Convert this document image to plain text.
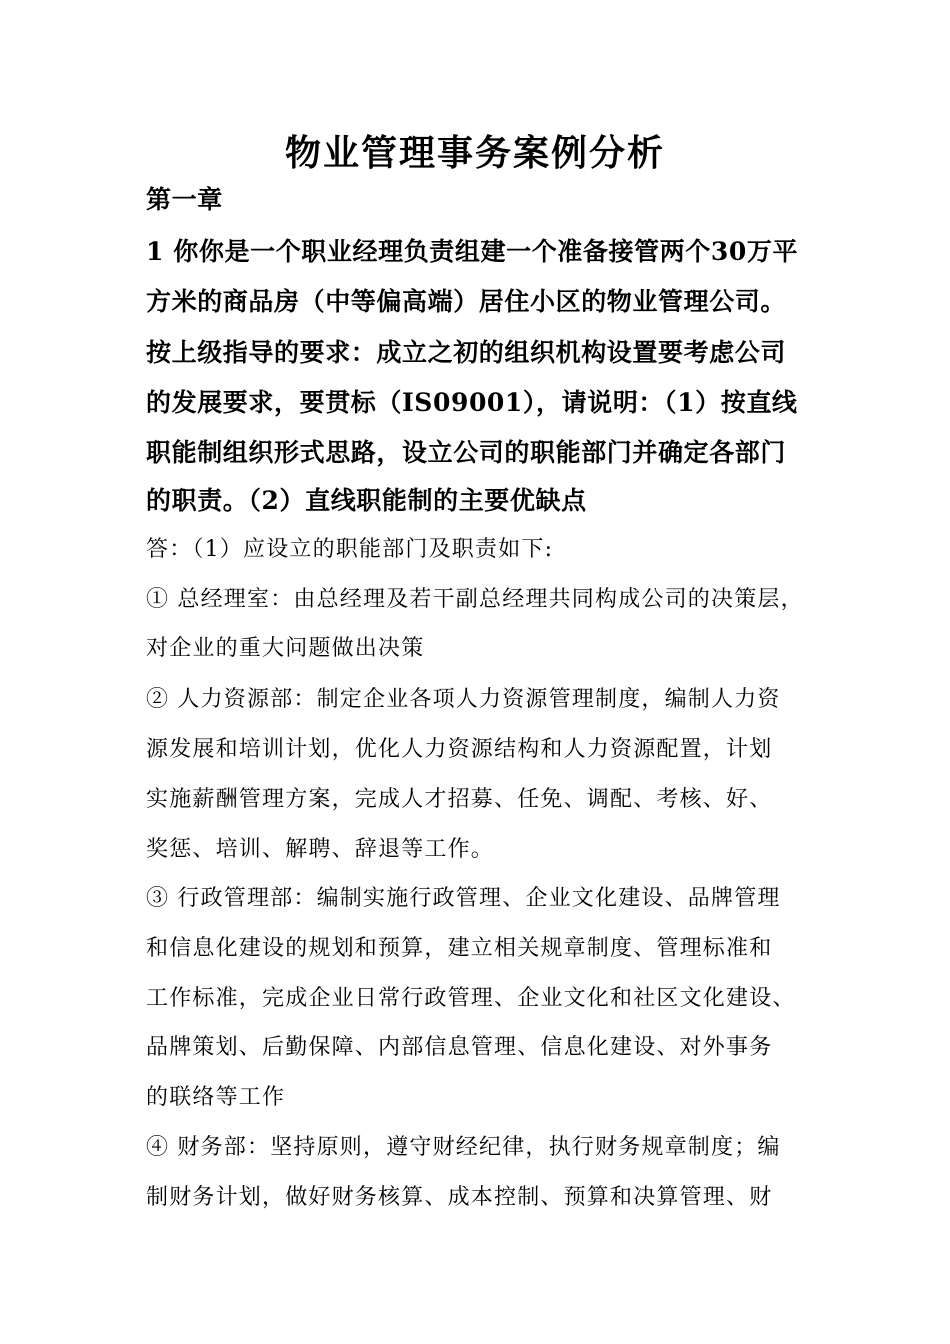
物业管理事务案例分析
第一章
1 你你是一个职业经理负责组建一个准备接管两个30万平
方米的商品房（中等偏高端）居住小区的物业管理公司。
按上级指导的要求：成立之初的组织机构设置要考虑公司
的发展要求，要贯标（IS09001），请说明：（1）按直线
职能制组织形式思路，设立公司的职能部门并确定各部门
的职责。（2）直线职能制的主要优缺点
答：（1）应设立的职能部门及职责如下:
① 总经理室：由总经理及若干副总经理共同构成公司的决策层，
对企业的重大问题做出决策
② 人力资源部：制定企业各项人力资源管理制度，编制人力资
源发展和培训计划，优化人力资源结构和人力资源配置，计划
实施薪酬管理方案，完成人才招募、任免、调配、考核、好、
奖惩、培训、解聘、辞退等工作。
③ 行政管理部：编制实施行政管理、企业文化建设、品牌管理
和信息化建设的规划和预算，建立相关规章制度、管理标准和
工作标准，完成企业日常行政管理、企业文化和社区文化建设、
品牌策划、后勤保障、内部信息管理、信息化建设、对外事务
的联络等工作
④ 财务部：坚持原则，遵守财经纪律，执行财务规章制度；编
制财务计划，做好财务核算、成本控制、预算和决算管理、财
